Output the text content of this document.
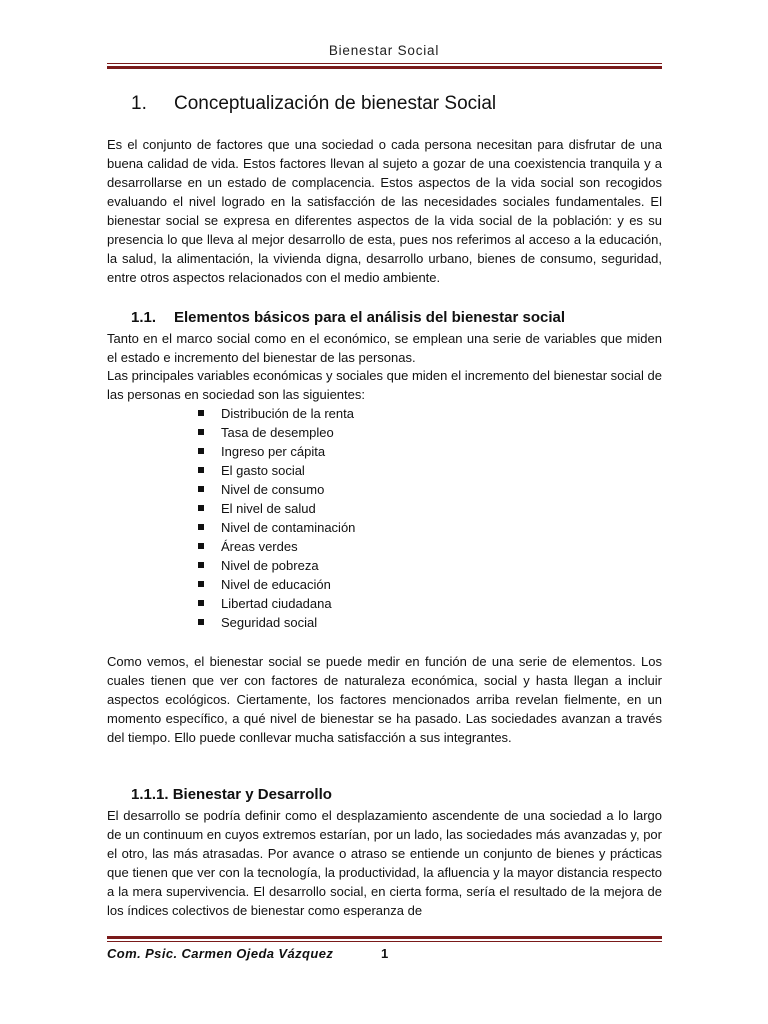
Bienestar Social
1. Conceptualización de bienestar Social

Es el conjunto de factores que una sociedad o cada persona necesitan para disfrutar de una buena calidad de vida. Estos factores llevan al sujeto a gozar de una coexistencia tranquila y a desarrollarse en un estado de complacencia. Estos aspectos de la vida social son recogidos evaluando el nivel logrado en la satisfacción de las necesidades sociales fundamentales. El bienestar social se expresa en diferentes aspectos de la vida social de la población: y es su presencia lo que lleva al mejor desarrollo de esta, pues nos referimos al acceso a la educación, la salud, la alimentación, la vivienda digna, desarrollo urbano, bienes de consumo, seguridad, entre otros aspectos relacionados con el medio ambiente.

1.1. Elementos básicos para el análisis del bienestar social

Tanto en el marco social como en el económico, se emplean una serie de variables que miden el estado e incremento del bienestar de las personas.

Las principales variables económicas y sociales que miden el incremento del bienestar social de las personas en sociedad son las siguientes:

Distribución de la renta
Tasa de desempleo
Ingreso per cápita
El gasto social
Nivel de consumo
El nivel de salud
Nivel de contaminación
Áreas verdes
Nivel de pobreza
Nivel de educación
Libertad ciudadana
Seguridad social

Como vemos, el bienestar social se puede medir en función de una serie de elementos. Los cuales tienen que ver con factores de naturaleza económica, social y hasta llegan a incluir aspectos ecológicos. Ciertamente, los factores mencionados arriba revelan fielmente, en un momento específico, a qué nivel de bienestar se ha pasado. Las sociedades avanzan a través del tiempo. Ello puede conllevar mucha satisfacción a sus integrantes.

1.1.1. Bienestar y Desarrollo

El desarrollo se podría definir como el desplazamiento ascendente de una sociedad a lo largo de un continuum en cuyos extremos estarían, por un lado, las sociedades más avanzadas y, por el otro, las más atrasadas. Por avance o atraso se entiende un conjunto de bienes y prácticas que tienen que ver con la tecnología, la productividad, la afluencia y la mayor distancia respecto a la mera supervivencia. El desarrollo social, en cierta forma, sería el resultado de la mejora de los índices colectivos de bienestar como esperanza de

Com. Psic. Carmen Ojeda Vázquez	1
